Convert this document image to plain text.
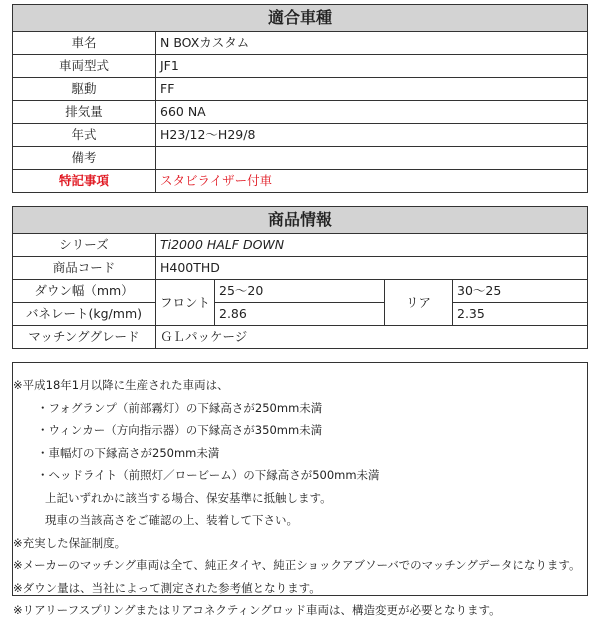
適合車種	
車名	N BOXカスタム
車両型式	JF1
駆動	FF
排気量	660 NA
年式	H23/12～H29/8
備考	
特記事項	スタビライザー付車
商品情報				
シリーズ	Ti2000 HALF DOWN			
商品コード	H400THD			
ダウン幅（mm）	フロント	25～20	リア	30～25
バネレート(kg/mm)		2.86		2.35
マッチンググレード	ＧＬパッケージ			
※平成18年1月以降に生産された車両は、
・フォグランプ（前部霧灯）の下縁高さが250mm未満
・ウィンカー（方向指示器）の下縁高さが350mm未満
・車幅灯の下縁高さが250mm未満
・ヘッドライト（前照灯／ロービーム）の下縁高さが500mm未満
上記いずれかに該当する場合、保安基準に抵触します。
現車の当該高さをご確認の上、装着して下さい。
※充実した保証制度。
※メーカーのマッチング車両は全て、純正タイヤ、純正ショックアブソーバでのマッチングデータになります。
※ダウン量は、当社によって測定された参考値となります。
※リアリーフスプリングまたはリアコネクティングロッド車両は、構造変更が必要となります。
